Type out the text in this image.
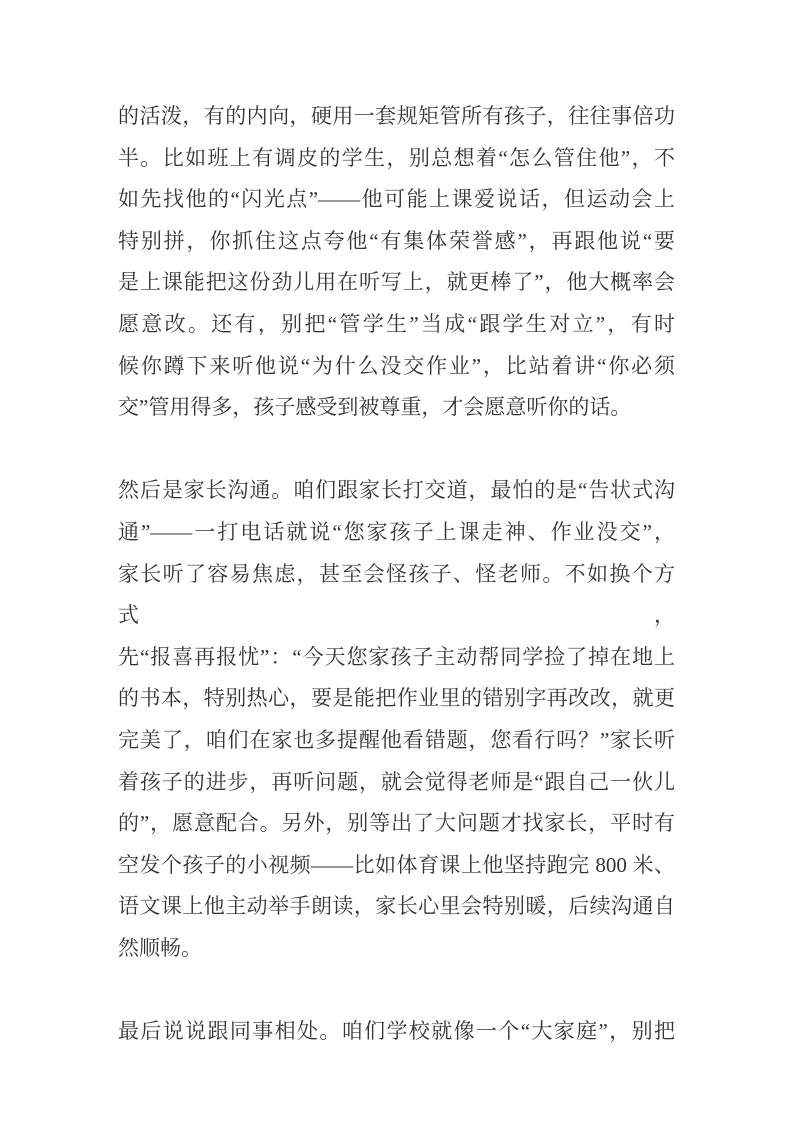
的活泼，有的内向，硬用一套规矩管所有孩子，往往事倍功
半。比如班上有调皮的学生，别总想着“怎么管住他”，不
如先找他的“闪光点”——他可能上课爱说话，但运动会上
特别拼，你抓住这点夸他“有集体荣誉感”，再跟他说“要
是上课能把这份劲儿用在听写上，就更棒了”，他大概率会
愿意改。还有，别把“管学生”当成“跟学生对立”，有时
候你蹲下来听他说“为什么没交作业”，比站着讲“你必须
交”管用得多，孩子感受到被尊重，才会愿意听你的话。

然后是家长沟通。咱们跟家长打交道，最怕的是“告状式沟
通”——一打电话就说“您家孩子上课走神、作业没交”，
家长听了容易焦虑，甚至会怪孩子、怪老师。不如换个方式，
先“报喜再报忧”：“今天您家孩子主动帮同学捡了掉在地上
的书本，特别热心，要是能把作业里的错别字再改改，就更
完美了，咱们在家也多提醒他看错题，您看行吗？”家长听
着孩子的进步，再听问题，就会觉得老师是“跟自己一伙儿
的”，愿意配合。另外，别等出了大问题才找家长，平时有
空发个孩子的小视频——比如体育课上他坚持跑完 800 米、
语文课上他主动举手朗读，家长心里会特别暖，后续沟通自
然顺畅。

最后说说跟同事相处。咱们学校就像一个“大家庭”，别把
